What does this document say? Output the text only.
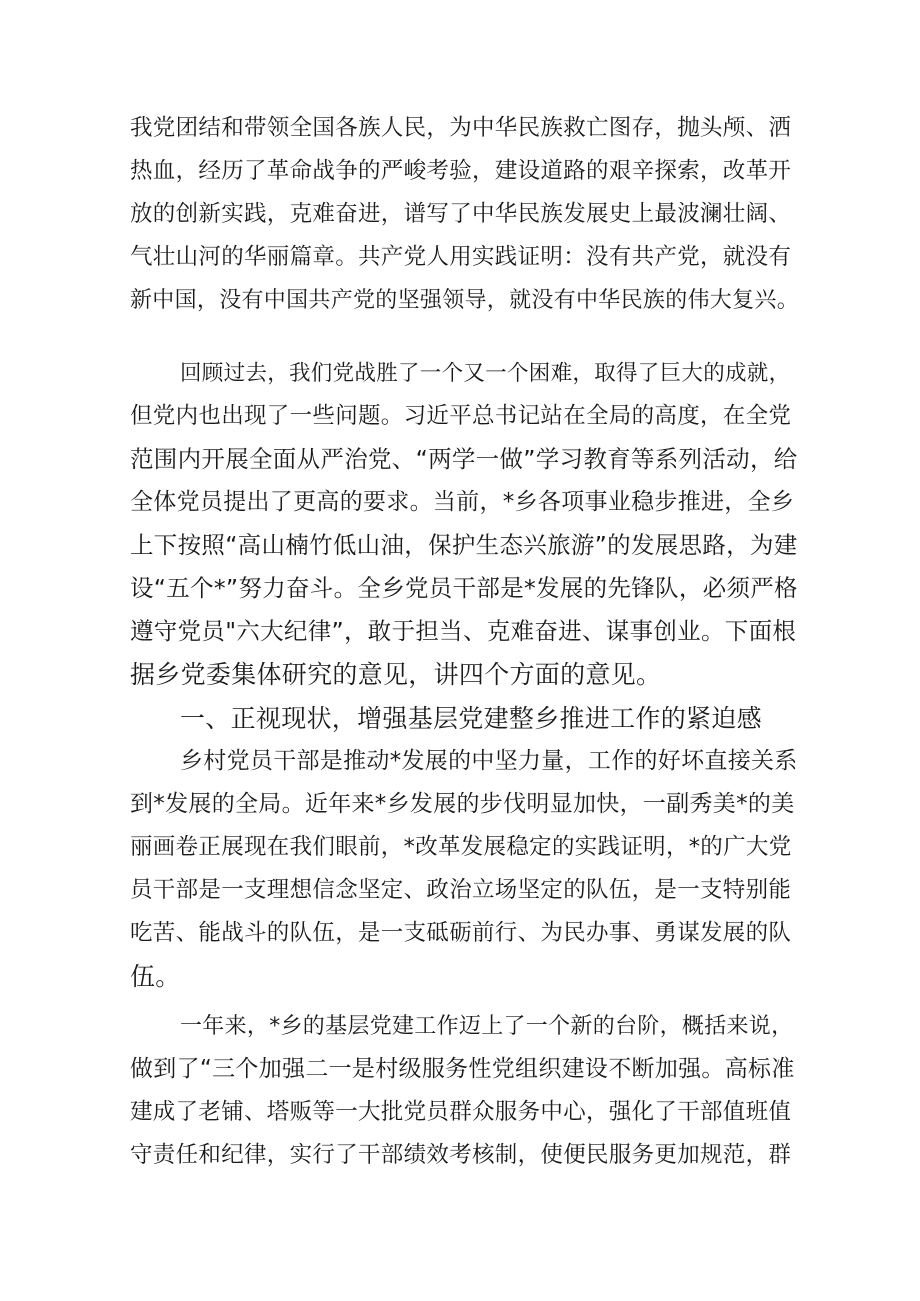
我党团结和带领全国各族人民，为中华民族救亡图存，抛头颅、洒
热血，经历了革命战争的严峻考验，建设道路的艰辛探索，改革开
放的创新实践，克难奋进，谱写了中华民族发展史上最波澜壮阔、
气壮山河的华丽篇章。共产党人用实践证明：没有共产党，就没有
新中国，没有中国共产党的坚强领导，就没有中华民族的伟大复兴。
回顾过去，我们党战胜了一个又一个困难，取得了巨大的成就，
但党内也出现了一些问题。习近平总书记站在全局的高度，在全党
范围内开展全面从严治党、“两学一做”学习教育等系列活动，给
全体党员提出了更高的要求。当前，*乡各项事业稳步推进，全乡
上下按照“高山楠竹低山油，保护生态兴旅游”的发展思路，为建
设“五个*”努力奋斗。全乡党员干部是*发展的先锋队，必须严格
遵守党员"六大纪律”，敢于担当、克难奋进、谋事创业。下面根
据乡党委集体研究的意见，讲四个方面的意见。
一、正视现状，增强基层党建整乡推进工作的紧迫感
乡村党员干部是推动*发展的中坚力量，工作的好坏直接关系
到*发展的全局。近年来*乡发展的步伐明显加快，一副秀美*的美
丽画卷正展现在我们眼前，*改革发展稳定的实践证明，*的广大党
员干部是一支理想信念坚定、政治立场坚定的队伍，是一支特别能
吃苦、能战斗的队伍，是一支砥砺前行、为民办事、勇谋发展的队
伍。
一年来，*乡的基层党建工作迈上了一个新的台阶，概括来说，
做到了“三个加强二一是村级服务性党组织建设不断加强。高标准
建成了老铺、塔贩等一大批党员群众服务中心，强化了干部值班值
守责任和纪律，实行了干部绩效考核制，使便民服务更加规范，群
